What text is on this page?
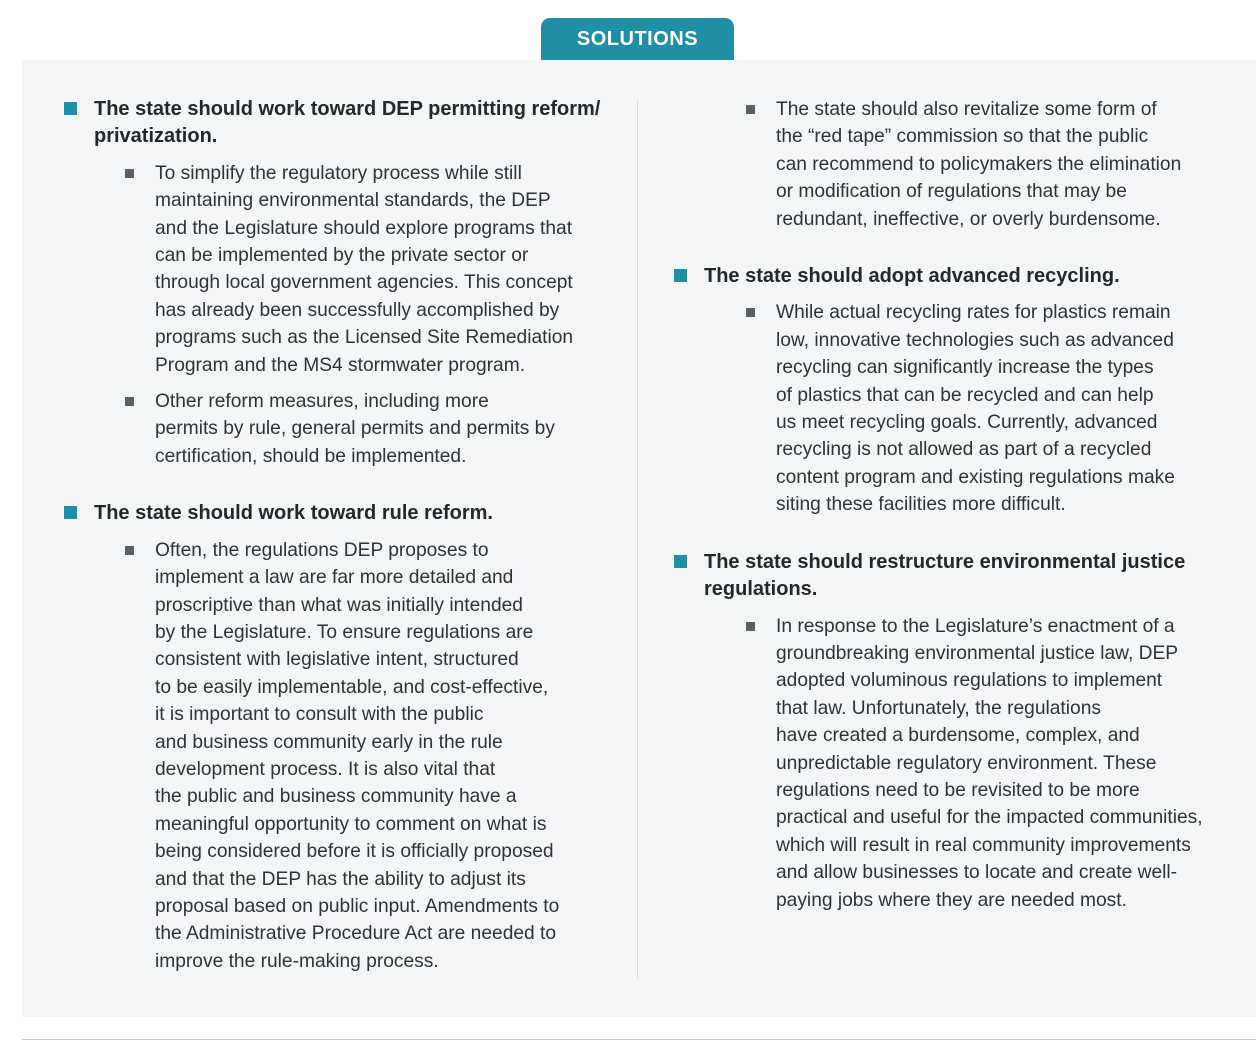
SOLUTIONS
The state should work toward DEP permitting reform/
privatization.
To simplify the regulatory process while still
maintaining environmental standards, the DEP
and the Legislature should explore programs that
can be implemented by the private sector or
through local government agencies. This concept
has already been successfully accomplished by
programs such as the Licensed Site Remediation
Program and the MS4 stormwater program.
Other reform measures, including more
permits by rule, general permits and permits by
certification, should be implemented.
The state should work toward rule reform.
Often, the regulations DEP proposes to
implement a law are far more detailed and
proscriptive than what was initially intended
by the Legislature. To ensure regulations are
consistent with legislative intent, structured
to be easily implementable, and cost-effective,
it is important to consult with the public
and business community early in the rule
development process. It is also vital that
the public and business community have a
meaningful opportunity to comment on what is
being considered before it is officially proposed
and that the DEP has the ability to adjust its
proposal based on public input. Amendments to
the Administrative Procedure Act are needed to
improve the rule-making process.
The state should also revitalize some form of
the “red tape” commission so that the public
can recommend to policymakers the elimination
or modification of regulations that may be
redundant, ineffective, or overly burdensome.
The state should adopt advanced recycling.
While actual recycling rates for plastics remain
low, innovative technologies such as advanced
recycling can significantly increase the types
of plastics that can be recycled and can help
us meet recycling goals. Currently, advanced
recycling is not allowed as part of a recycled
content program and existing regulations make
siting these facilities more difficult.
The state should restructure environmental justice
regulations.
In response to the Legislature’s enactment of a
groundbreaking environmental justice law, DEP
adopted voluminous regulations to implement
that law. Unfortunately, the regulations
have created a burdensome, complex, and
unpredictable regulatory environment. These
regulations need to be revisited to be more
practical and useful for the impacted communities,
which will result in real community improvements
and allow businesses to locate and create well-
paying jobs where they are needed most.
